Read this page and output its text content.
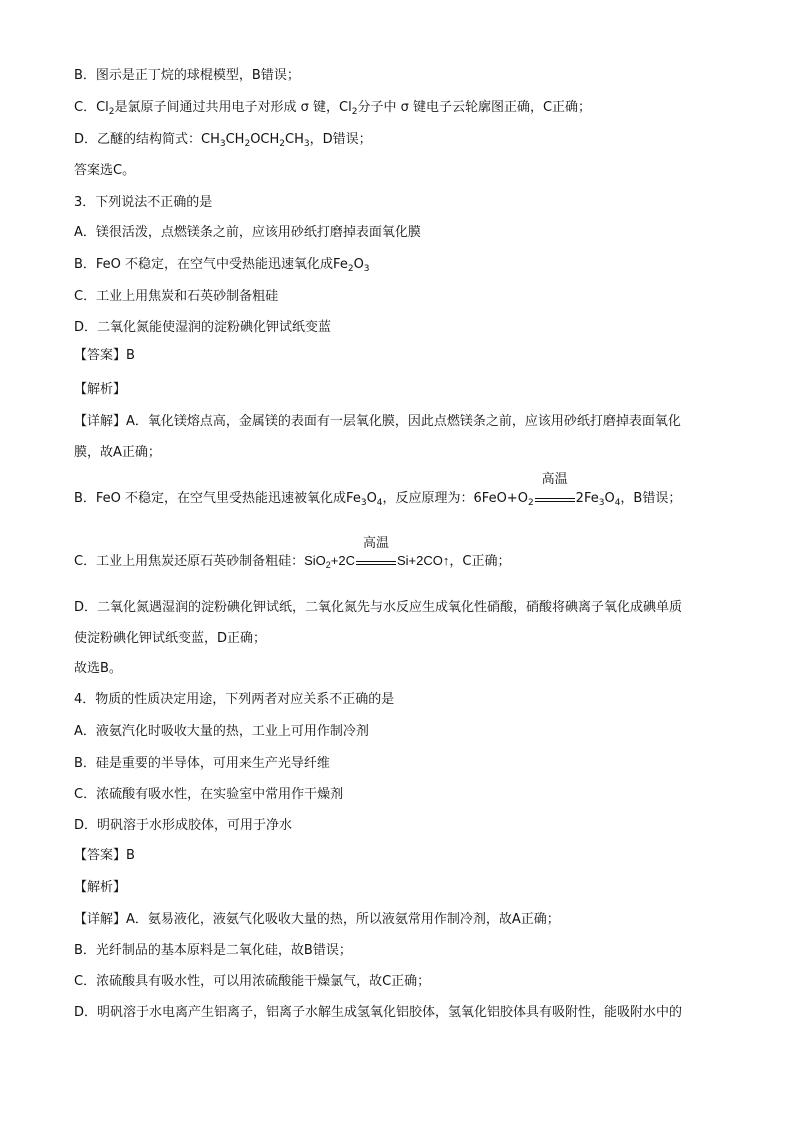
B．图示是正丁烷的球棍模型，B错误；
C．$Cl_2$是氯原子间通过共用电子对形成 σ 键，$Cl_2$分子中 σ 键电子云轮廓图正确，C正确；
D．乙醚的结构简式：$CH_3CH_2OCH_2CH_3$，D错误；
答案选C。
3．下列说法不正确的是
A．镁很活泼，点燃镁条之前，应该用砂纸打磨掉表面氧化膜
B．FeO 不稳定，在空气中受热能迅速氧化成$Fe_2O_3$
C．工业上用焦炭和石英砂制备粗硅
D．二氧化氮能使湿润的淀粉碘化钾试纸变蓝
【答案】B
【解析】
【详解】A．氧化镁熔点高，金属镁的表面有一层氧化膜，因此点燃镁条之前，应该用砂纸打磨掉表面氧化
膜，故A正确；
B．FeO 不稳定，在空气里受热能迅速被氧化成$Fe_3O_4$，反应原理为：$6FeO+O_2$
高温
$2Fe_3O_4$，B错误；
C．工业上用焦炭还原石英砂制备粗硅：SiO$_2$+2C
高温
Si+2CO↑，C正确；
D．二氧化氮遇湿润的淀粉碘化钾试纸，二氧化氮先与水反应生成氧化性硝酸，硝酸将碘离子氧化成碘单质
使淀粉碘化钾试纸变蓝，D正确；
故选B。
4．物质的性质决定用途，下列两者对应关系不正确的是
A．液氨汽化时吸收大量的热，工业上可用作制冷剂
B．硅是重要的半导体，可用来生产光导纤维
C．浓硫酸有吸水性，在实验室中常用作干燥剂
D．明矾溶于水形成胶体，可用于净水
【答案】B
【解析】
【详解】A．氨易液化，液氨气化吸收大量的热，所以液氨常用作制冷剂，故A正确；
B．光纤制品的基本原料是二氧化硅，故B错误；
C．浓硫酸具有吸水性，可以用浓硫酸能干燥氯气，故C正确；
D．明矾溶于水电离产生铝离子，铝离子水解生成氢氧化铝胶体，氢氧化铝胶体具有吸附性，能吸附水中的
